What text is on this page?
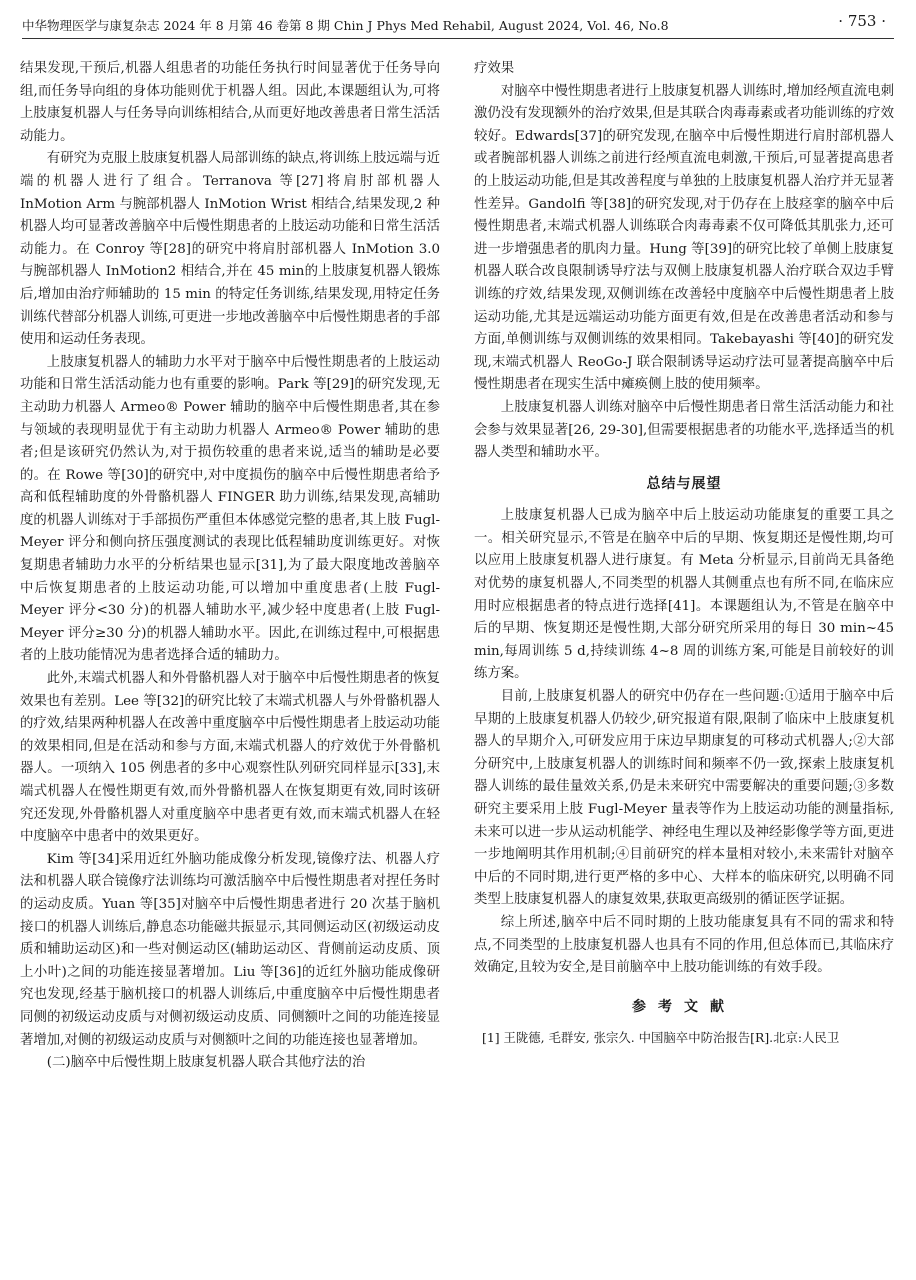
中华物理医学与康复杂志 2024 年 8 月第 46 卷第 8 期 Chin J Phys Med Rehabil, August 2024, Vol. 46, No.8	· 753 ·

结果发现,干预后,机器人组患者的功能任务执行时间显著优于任务导向组,而任务导向组的身体功能则优于机器人组。因此,本课题组认为,可将上肢康复机器人与任务导向训练相结合,从而更好地改善患者日常生活活动能力。

有研究为克服上肢康复机器人局部训练的缺点,将训练上肢远端与近端的机器人进行了组合。Terranova 等[27]将肩肘部机器人 InMotion Arm 与腕部机器人 InMotion Wrist 相结合,结果发现,2 种机器人均可显著改善脑卒中后慢性期患者的上肢运动功能和日常生活活动能力。在 Conroy 等[28]的研究中将肩肘部机器人 InMotion 3.0 与腕部机器人 InMotion2 相结合,并在 45 min的上肢康复机器人锻炼后,增加由治疗师辅助的 15 min 的特定任务训练,结果发现,用特定任务训练代替部分机器人训练,可更进一步地改善脑卒中后慢性期患者的手部使用和运动任务表现。

上肢康复机器人的辅助力水平对于脑卒中后慢性期患者的上肢运动功能和日常生活活动能力也有重要的影响。Park 等[29]的研究发现,无主动助力机器人 Armeo® Power 辅助的脑卒中后慢性期患者,其在参与领域的表现明显优于有主动助力机器人 Armeo® Power 辅助的患者;但是该研究仍然认为,对于损伤较重的患者来说,适当的辅助是必要的。在 Rowe 等[30]的研究中,对中度损伤的脑卒中后慢性期患者给予高和低程辅助度的外骨骼机器人 FINGER 助力训练,结果发现,高辅助度的机器人训练对于手部损伤严重但本体感觉完整的患者,其上肢 Fugl-Meyer 评分和侧向挤压强度测试的表现比低程辅助度训练更好。对恢复期患者辅助力水平的分析结果也显示[31],为了最大限度地改善脑卒中后恢复期患者的上肢运动功能,可以增加中重度患者(上肢 Fugl-Meyer 评分<30 分)的机器人辅助水平,减少轻中度患者(上肢 Fugl-Meyer 评分≥30 分)的机器人辅助水平。因此,在训练过程中,可根据患者的上肢功能情况为患者选择合适的辅助力。

此外,末端式机器人和外骨骼机器人对于脑卒中后慢性期患者的恢复效果也有差别。Lee 等[32]的研究比较了末端式机器人与外骨骼机器人的疗效,结果两种机器人在改善中重度脑卒中后慢性期患者上肢运动功能的效果相同,但是在活动和参与方面,末端式机器人的疗效优于外骨骼机器人。一项纳入 105 例患者的多中心观察性队列研究同样显示[33],末端式机器人在慢性期更有效,而外骨骼机器人在恢复期更有效,同时该研究还发现,外骨骼机器人对重度脑卒中患者更有效,而末端式机器人在轻中度脑卒中患者中的效果更好。

Kim 等[34]采用近红外脑功能成像分析发现,镜像疗法、机器人疗法和机器人联合镜像疗法训练均可激活脑卒中后慢性期患者对捏任务时的运动皮质。Yuan 等[35]对脑卒中后慢性期患者进行 20 次基于脑机接口的机器人训练后,静息态功能磁共振显示,其同侧运动区(初级运动皮质和辅助运动区)和一些对侧运动区(辅助运动区、背侧前运动皮质、顶上小叶)之间的功能连接显著增加。Liu 等[36]的近红外脑功能成像研究也发现,经基于脑机接口的机器人训练后,中重度脑卒中后慢性期患者同侧的初级运动皮质与对侧初级运动皮质、同侧额叶之间的功能连接显著增加,对侧的初级运动皮质与对侧额叶之间的功能连接也显著增加。

(二)脑卒中后慢性期上肢康复机器人联合其他疗法的治

疗效果

对脑卒中慢性期患者进行上肢康复机器人训练时,增加经颅直流电刺激仍没有发现额外的治疗效果,但是其联合肉毒毒素或者功能训练的疗效较好。Edwards[37]的研究发现,在脑卒中后慢性期进行肩肘部机器人或者腕部机器人训练之前进行经颅直流电刺激,干预后,可显著提高患者的上肢运动功能,但是其改善程度与单独的上肢康复机器人治疗并无显著性差异。Gandolfi 等[38]的研究发现,对于仍存在上肢痉挛的脑卒中后慢性期患者,末端式机器人训练联合肉毒毒素不仅可降低其肌张力,还可进一步增强患者的肌肉力量。Hung 等[39]的研究比较了单侧上肢康复机器人联合改良限制诱导疗法与双侧上肢康复机器人治疗联合双边手臂训练的疗效,结果发现,双侧训练在改善轻中度脑卒中后慢性期患者上肢运动功能,尤其是远端运动功能方面更有效,但是在改善患者活动和参与方面,单侧训练与双侧训练的效果相同。Takebayashi 等[40]的研究发现,末端式机器人 ReoGo-J 联合限制诱导运动疗法可显著提高脑卒中后慢性期患者在现实生活中瘫痪侧上肢的使用频率。

上肢康复机器人训练对脑卒中后慢性期患者日常生活活动能力和社会参与效果显著[26, 29-30],但需要根据患者的功能水平,选择适当的机器人类型和辅助水平。

总结与展望

上肢康复机器人已成为脑卒中后上肢运动功能康复的重要工具之一。相关研究显示,不管是在脑卒中后的早期、恢复期还是慢性期,均可以应用上肢康复机器人进行康复。有 Meta 分析显示,目前尚无具备绝对优势的康复机器人,不同类型的机器人其侧重点也有所不同,在临床应用时应根据患者的特点进行选择[41]。本课题组认为,不管是在脑卒中后的早期、恢复期还是慢性期,大部分研究所采用的每日 30 min~45 min,每周训练 5 d,持续训练 4~8 周的训练方案,可能是目前较好的训练方案。

目前,上肢康复机器人的研究中仍存在一些问题:①适用于脑卒中后早期的上肢康复机器人仍较少,研究报道有限,限制了临床中上肢康复机器人的早期介入,可研发应用于床边早期康复的可移动式机器人;②大部分研究中,上肢康复机器人的训练时间和频率不仍一致,探索上肢康复机器人训练的最佳量效关系,仍是未来研究中需要解决的重要问题;③多数研究主要采用上肢 Fugl-Meyer 量表等作为上肢运动功能的测量指标,未来可以进一步从运动机能学、神经电生理以及神经影像学等方面,更进一步地阐明其作用机制;④目前研究的样本量相对较小,未来需针对脑卒中后的不同时期,进行更严格的多中心、大样本的临床研究,以明确不同类型上肢康复机器人的康复效果,获取更高级别的循证医学证据。

综上所述,脑卒中后不同时期的上肢功能康复具有不同的需求和特点,不同类型的上肢康复机器人也具有不同的作用,但总体而已,其临床疗效确定,且较为安全,是目前脑卒中上肢功能训练的有效手段。

参考文献

[1] 王陇德, 毛群安, 张宗久. 中国脑卒中防治报告[R].北京:人民卫
